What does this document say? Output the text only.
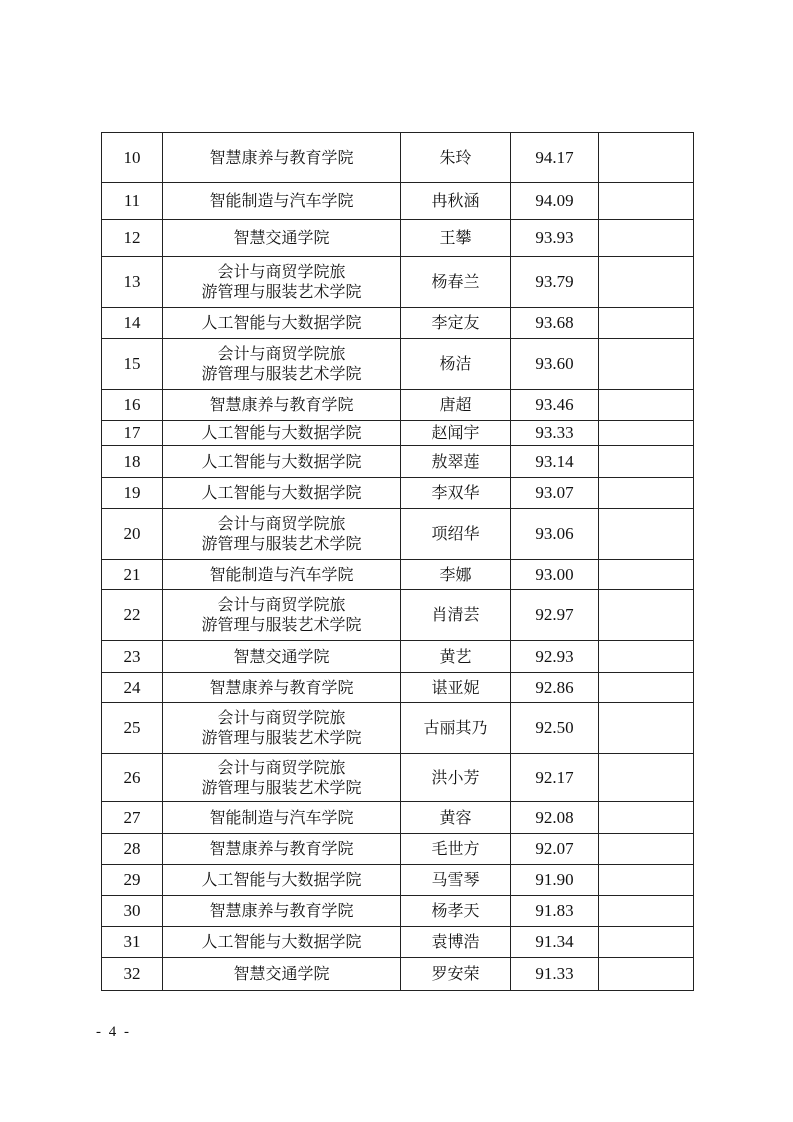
10	智慧康养与教育学院	朱玲	94.17	
11	智能制造与汽车学院	冉秋涵	94.09	
12	智慧交通学院	王攀	93.93	
13	会计与商贸学院旅
游管理与服装艺术学院	杨春兰	93.79	
14	人工智能与大数据学院	李定友	93.68	
15	会计与商贸学院旅
游管理与服装艺术学院	杨洁	93.60	
16	智慧康养与教育学院	唐超	93.46	
17	人工智能与大数据学院	赵闻宇	93.33	
18	人工智能与大数据学院	敖翠莲	93.14	
19	人工智能与大数据学院	李双华	93.07	
20	会计与商贸学院旅
游管理与服装艺术学院	项绍华	93.06	
21	智能制造与汽车学院	李娜	93.00	
22	会计与商贸学院旅
游管理与服装艺术学院	肖清芸	92.97	
23	智慧交通学院	黄艺	92.93	
24	智慧康养与教育学院	谌亚妮	92.86	
25	会计与商贸学院旅
游管理与服装艺术学院	古丽其乃	92.50	
26	会计与商贸学院旅
游管理与服装艺术学院	洪小芳	92.17	
27	智能制造与汽车学院	黄容	92.08	
28	智慧康养与教育学院	毛世方	92.07	
29	人工智能与大数据学院	马雪琴	91.90	
30	智慧康养与教育学院	杨孝天	91.83	
31	人工智能与大数据学院	袁博浩	91.34	
32	智慧交通学院	罗安荣	91.33	
- 4 -
